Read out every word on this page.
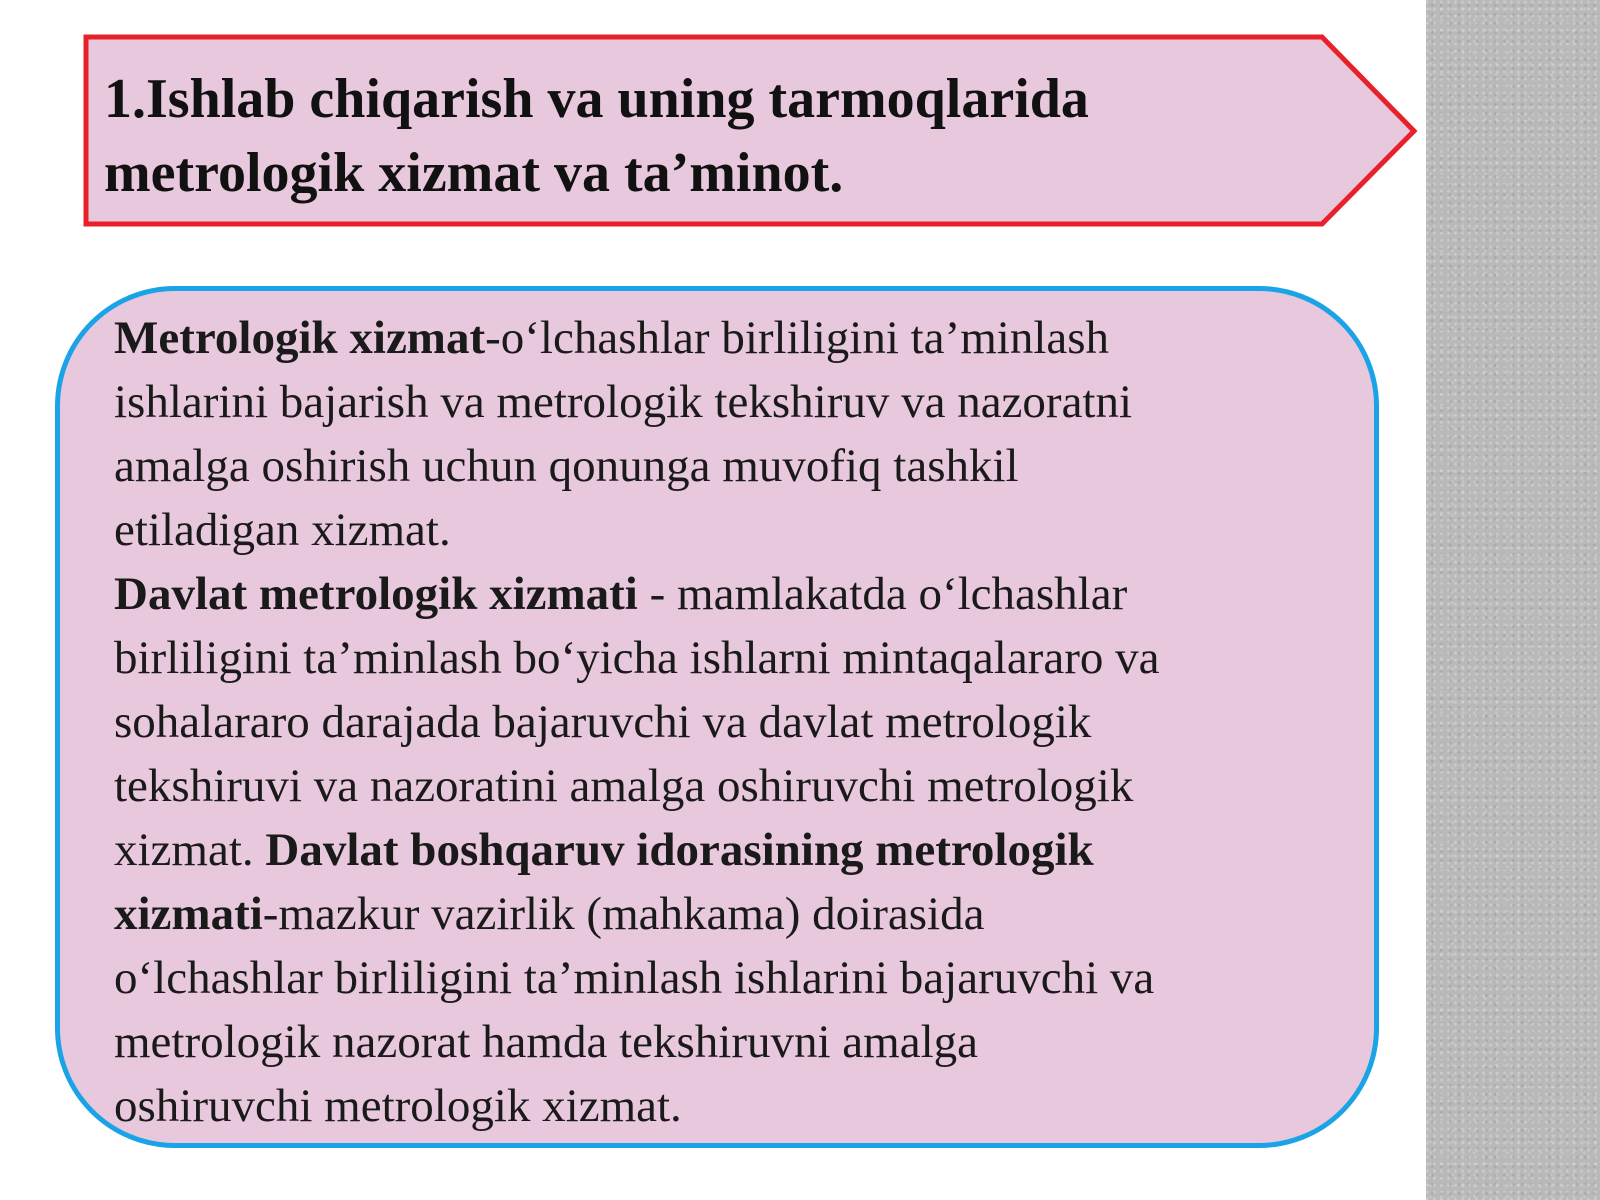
1.Ishlab chiqarish va uning tarmoqlarida
metrologik xizmat va ta’minot.
Metrologik xizmat-o‘lchashlar birliligini ta’minlash
ishlarini bajarish va metrologik tekshiruv va nazoratni
amalga oshirish uchun qonunga muvofiq tashkil
etiladigan xizmat.
Davlat metrologik xizmati - mamlakatda o‘lchashlar
birliligini ta’minlash bo‘yicha ishlarni mintaqalararo va
sohalararo darajada bajaruvchi va davlat metrologik
tekshiruvi va nazoratini amalga oshiruvchi metrologik
xizmat. Davlat boshqaruv idorasining metrologik
xizmati-mazkur vazirlik (mahkama) doirasida
o‘lchashlar birliligini ta’minlash ishlarini bajaruvchi va
metrologik nazorat hamda tekshiruvni amalga
oshiruvchi metrologik xizmat.
